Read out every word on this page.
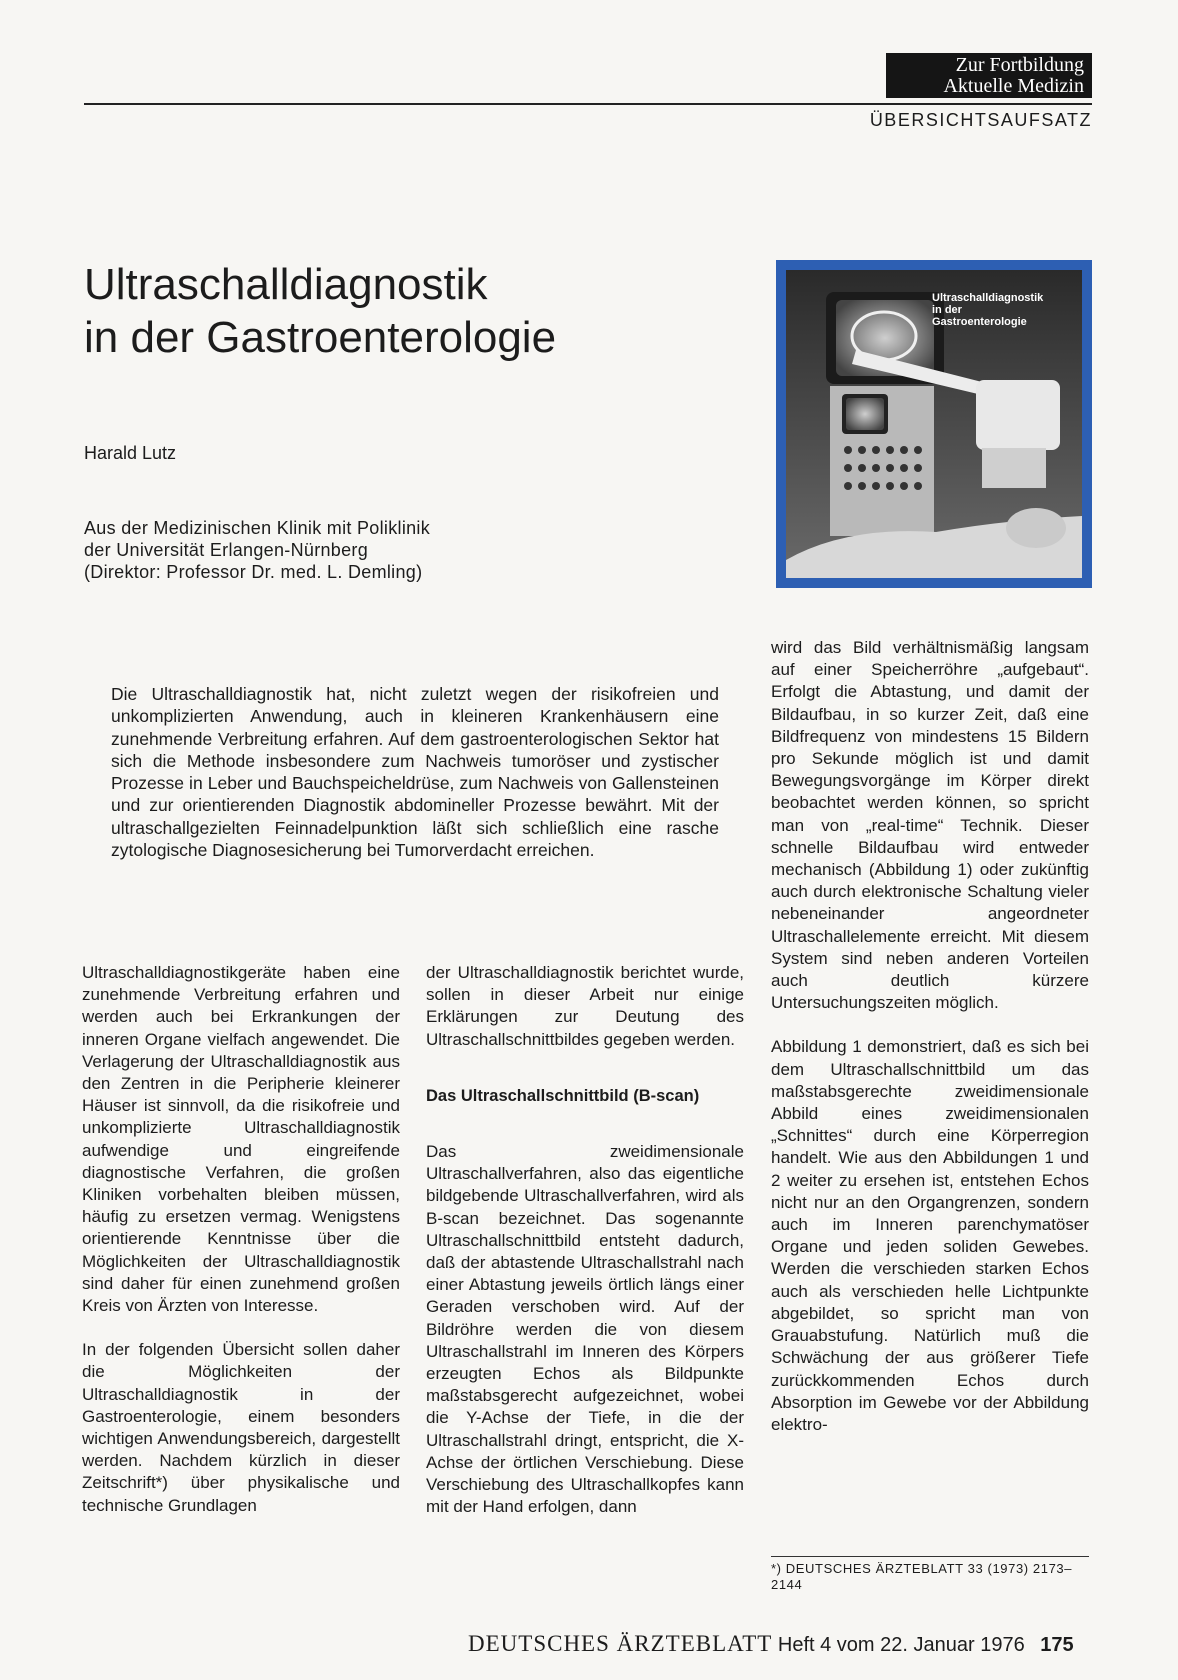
Zur Fortbildung
Aktuelle Medizin
ÜBERSICHTSAUFSATZ
Ultraschalldiagnostik
in der Gastroenterologie
Harald Lutz
Aus der Medizinischen Klinik mit Poliklinik
der Universität Erlangen-Nürnberg
(Direktor: Professor Dr. med. L. Demling)
Ultraschalldiagnostik
in der
Gastroenterologie

Die Ultraschalldiagnostik hat, nicht zuletzt wegen der risikofreien und unkomplizierten Anwendung, auch in kleineren Krankenhäusern eine zunehmende Verbreitung erfahren. Auf dem gastroenterologischen Sektor hat sich die Methode insbesondere zum Nachweis tumoröser und zystischer Prozesse in Leber und Bauchspeicheldrüse, zum Nachweis von Gallensteinen und zur orientierenden Diagnostik abdomineller Prozesse bewährt. Mit der ultraschallgezielten Feinnadelpunktion läßt sich schließlich eine rasche zytologische Diagnosesicherung bei Tumorverdacht erreichen.

Ultraschalldiagnostikgeräte haben eine zunehmende Verbreitung erfahren und werden auch bei Erkrankungen der inneren Organe vielfach angewendet. Die Verlagerung der Ultraschalldiagnostik aus den Zentren in die Peripherie kleinerer Häuser ist sinnvoll, da die risikofreie und unkomplizierte Ultraschalldiagnostik aufwendige und eingreifende diagnostische Verfahren, die großen Kliniken vorbehalten bleiben müssen, häufig zu ersetzen vermag. Wenigstens orientierende Kenntnisse über die Möglichkeiten der Ultraschalldiagnostik sind daher für einen zunehmend großen Kreis von Ärzten von Interesse.

In der folgenden Übersicht sollen daher die Möglichkeiten der Ultraschalldiagnostik in der Gastroenterologie, einem besonders wichtigen Anwendungsbereich, dargestellt werden. Nachdem kürzlich in dieser Zeitschrift*) über physikalische und technische Grundlagen

der Ultraschalldiagnostik berichtet wurde, sollen in dieser Arbeit nur einige Erklärungen zur Deutung des Ultraschallschnittbildes gegeben werden.

Das Ultraschallschnittbild (B-scan)

Das zweidimensionale Ultraschallverfahren, also das eigentliche bildgebende Ultraschallverfahren, wird als B-scan bezeichnet. Das sogenannte Ultraschallschnittbild entsteht dadurch, daß der abtastende Ultraschallstrahl nach einer Abtastung jeweils örtlich längs einer Geraden verschoben wird. Auf der Bildröhre werden die von diesem Ultraschallstrahl im Inneren des Körpers erzeugten Echos als Bildpunkte maßstabsgerecht aufgezeichnet, wobei die Y-Achse der Tiefe, in die der Ultraschallstrahl dringt, entspricht, die X-Achse der örtlichen Verschiebung. Diese Verschiebung des Ultraschallkopfes kann mit der Hand erfolgen, dann

wird das Bild verhältnismäßig langsam auf einer Speicherröhre „aufgebaut“. Erfolgt die Abtastung, und damit der Bildaufbau, in so kurzer Zeit, daß eine Bildfrequenz von mindestens 15 Bildern pro Sekunde möglich ist und damit Bewegungsvorgänge im Körper direkt beobachtet werden können, so spricht man von „real-time“ Technik. Dieser schnelle Bildaufbau wird entweder mechanisch (Abbildung 1) oder zukünftig auch durch elektronische Schaltung vieler nebeneinander angeordneter Ultraschallelemente erreicht. Mit diesem System sind neben anderen Vorteilen auch deutlich kürzere Untersuchungszeiten möglich.

Abbildung 1 demonstriert, daß es sich bei dem Ultraschallschnittbild um das maßstabsgerechte zweidimensionale Abbild eines zweidimensionalen „Schnittes“ durch eine Körperregion handelt. Wie aus den Abbildungen 1 und 2 weiter zu ersehen ist, entstehen Echos nicht nur an den Organgrenzen, sondern auch im Inneren parenchymatöser Organe und jeden soliden Gewebes. Werden die verschieden starken Echos auch als verschieden helle Lichtpunkte abgebildet, so spricht man von Grauabstufung. Natürlich muß die Schwächung der aus größerer Tiefe zurückkommenden Echos durch Absorption im Gewebe vor der Abbildung elektro-

*) DEUTSCHES ÄRZTEBLATT 33 (1973) 2173–2144
DEUTSCHES ÄRZTEBLATT Heft 4 vom 22. Januar 1976 175
